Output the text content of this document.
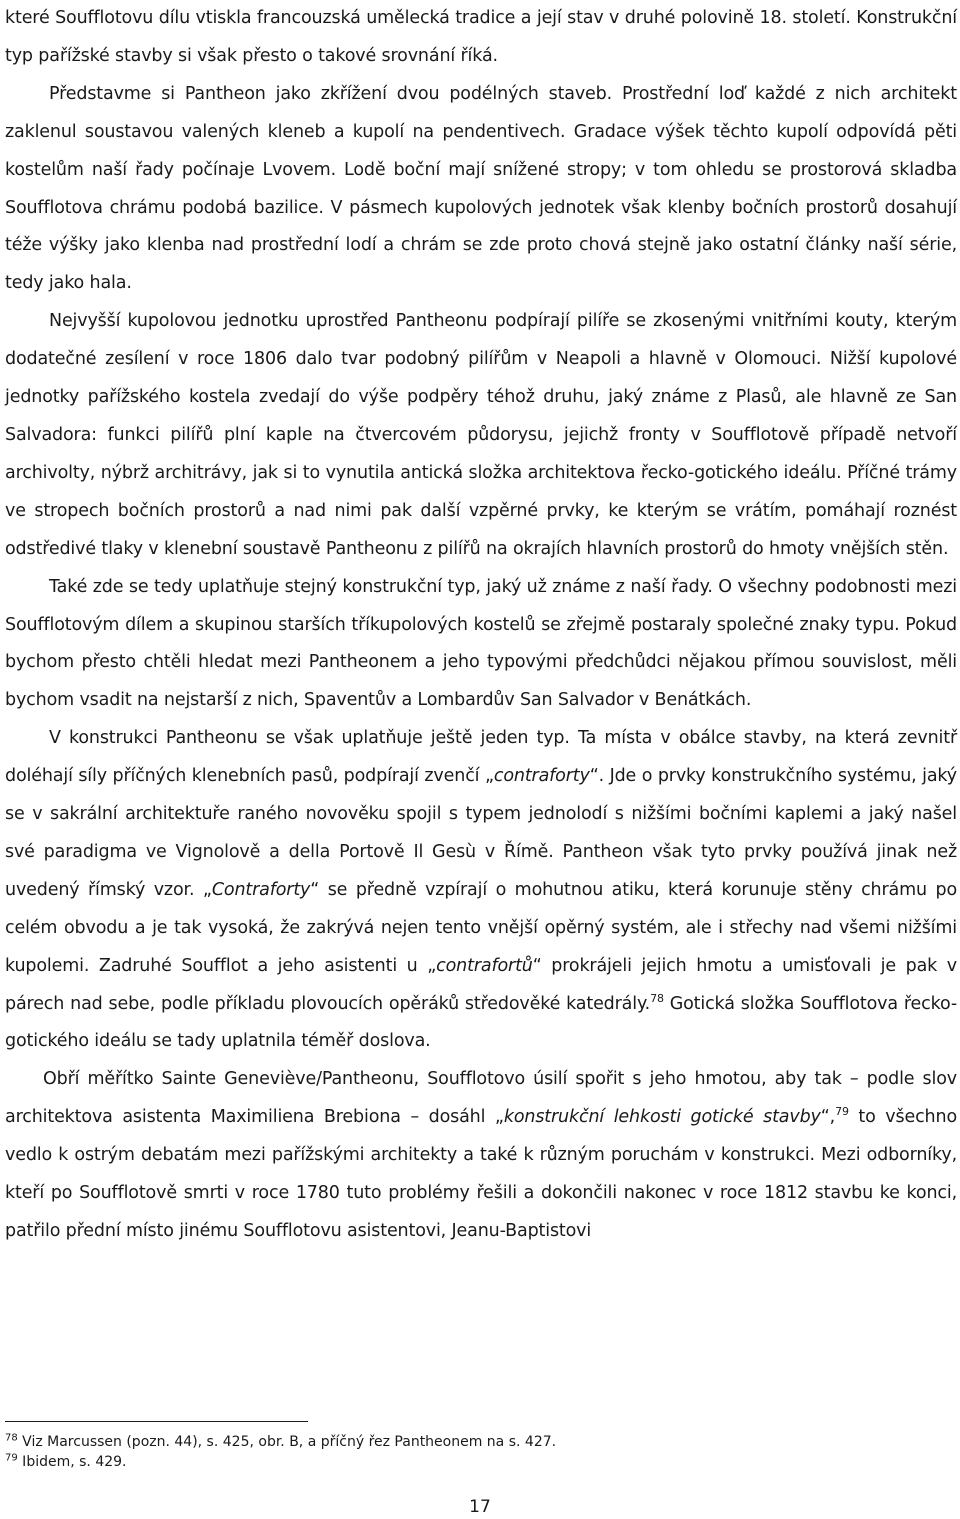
které Soufflotovu dílu vtiskla francouzská umělecká tradice a její stav v druhé polovině 18. století. Konstrukční typ pařížské stavby si však přesto o takové srovnání říká.

Představme si Pantheon jako zkřížení dvou podélných staveb. Prostřední loď každé z nich architekt zaklenul soustavou valených kleneb a kupolí na pendentivech. Gradace výšek těchto kupolí odpovídá pěti kostelům naší řady počínaje Lvovem. Lodě boční mají snížené stropy; v tom ohledu se prostorová skladba Soufflotova chrámu podobá bazilice. V pásmech kupolových jednotek však klenby bočních prostorů dosahují téže výšky jako klenba nad prostřední lodí a chrám se zde proto chová stejně jako ostatní články naší série, tedy jako hala.

Nejvyšší kupolovou jednotku uprostřed Pantheonu podpírají pilíře se zkosenými vnitřními kouty, kterým dodatečné zesílení v roce 1806 dalo tvar podobný pilířům v Neapoli a hlavně v Olomouci. Nižší kupolové jednotky pařížského kostela zvedají do výše podpěry téhož druhu, jaký známe z Plasů, ale hlavně ze San Salvadora: funkci pilířů plní kaple na čtvercovém půdorysu, jejichž fronty v Soufflotově případě netvoří archivolty, nýbrž architrávy, jak si to vynutila antická složka architektova řecko-gotického ideálu. Příčné trámy ve stropech bočních prostorů a nad nimi pak další vzpěrné prvky, ke kterým se vrátím, pomáhají roznést odstředivé tlaky v klenební soustavě Pantheonu z pilířů na okrajích hlavních prostorů do hmoty vnějších stěn.

Také zde se tedy uplatňuje stejný konstrukční typ, jaký už známe z naší řady. O všechny podobnosti mezi Soufflotovým dílem a skupinou starších tříkupolových kostelů se zřejmě postaraly společné znaky typu. Pokud bychom přesto chtěli hledat mezi Pantheonem a jeho typovými předchůdci nějakou přímou souvislost, měli bychom vsadit na nejstarší z nich, Spaventův a Lombardův San Salvador v Benátkách.

V konstrukci Pantheonu se však uplatňuje ještě jeden typ. Ta místa v obálce stavby, na která zevnitř doléhají síly příčných klenebních pasů, podpírají zvenčí „contraforty“. Jde o prvky konstrukčního systému, jaký se v sakrální architektuře raného novověku spojil s typem jednolodí s nižšími bočními kaplemi a jaký našel své paradigma ve Vignolově a della Portově Il Gesù v Římě. Pantheon však tyto prvky používá jinak než uvedený římský vzor. „Contraforty“ se předně vzpírají o mohutnou atiku, která korunuje stěny chrámu po celém obvodu a je tak vysoká, že zakrývá nejen tento vnější opěrný systém, ale i střechy nad všemi nižšími kupolemi. Zadruhé Soufflot a jeho asistenti u „contrafortů“ prokrájeli jejich hmotu a umisťovali je pak v párech nad sebe, podle příkladu plovoucích opěráků středověké katedrály.$^{78}$ Gotická složka Soufflotova řecko-gotického ideálu se tady uplatnila téměř doslova.

Obří měřítko Sainte Geneviève/Pantheonu, Soufflotovo úsilí spořit s jeho hmotou, aby tak – podle slov architektova asistenta Maximiliena Brebiona – dosáhl „konstrukční lehkosti gotické stavby“,$^{79}$ to všechno vedlo k ostrým debatám mezi pařížskými architekty a také k různým poruchám v konstrukci. Mezi odborníky, kteří po Soufflotově smrti v roce 1780 tuto problémy řešili a dokončili nakonec v roce 1812 stavbu ke konci, patřilo přední místo jinému Soufflotovu asistentovi, Jeanu-Baptistovi

$^{78}$ Viz Marcussen (pozn. 44), s. 425, obr. B, a příčný řez Pantheonem na s. 427.

$^{79}$ Ibidem, s. 429.

17
